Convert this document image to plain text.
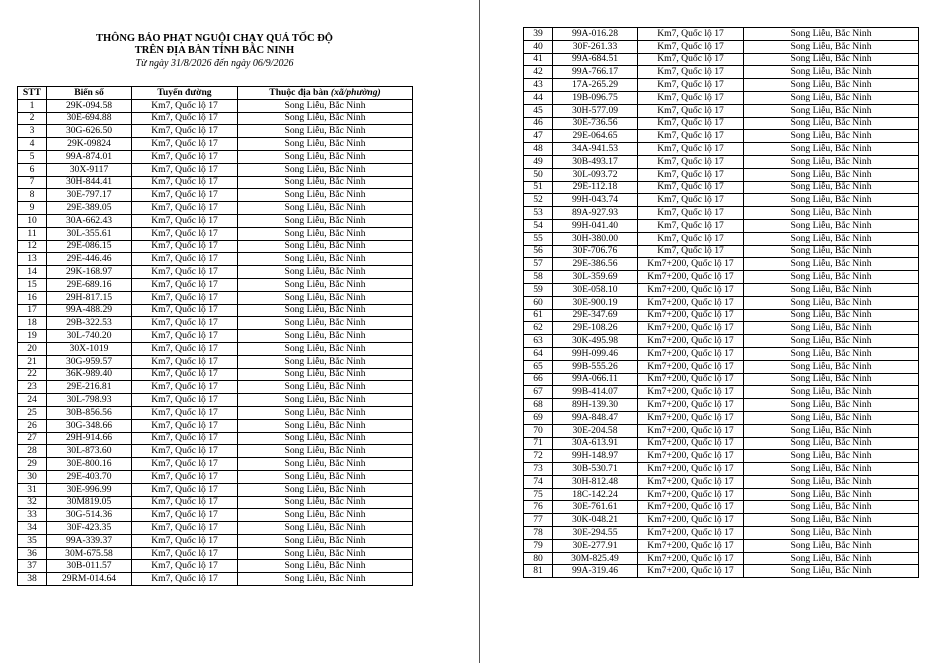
THÔNG BÁO PHẠT NGUỘI CHẠY QUÁ TỐC ĐỘ
TRÊN ĐỊA BÀN TỈNH BẮC NINH
Từ ngày 31/8/2026 đến ngày 06/9/2026
STT	Biển số	Tuyến đường	Thuộc địa bàn (xã/phường)
1	29K-094.58	Km7, Quốc lộ 17	Song Liễu, Bắc Ninh
2	30E-694.88	Km7, Quốc lộ 17	Song Liễu, Bắc Ninh
3	30G-626.50	Km7, Quốc lộ 17	Song Liễu, Bắc Ninh
4	29K-09824	Km7, Quốc lộ 17	Song Liễu, Bắc Ninh
5	99A-874.01	Km7, Quốc lộ 17	Song Liễu, Bắc Ninh
6	30X-9117	Km7, Quốc lộ 17	Song Liễu, Bắc Ninh
7	30H-844.41	Km7, Quốc lộ 17	Song Liễu, Bắc Ninh
8	30E-797.17	Km7, Quốc lộ 17	Song Liễu, Bắc Ninh
9	29E-389.05	Km7, Quốc lộ 17	Song Liễu, Bắc Ninh
10	30A-662.43	Km7, Quốc lộ 17	Song Liễu, Bắc Ninh
11	30L-355.61	Km7, Quốc lộ 17	Song Liễu, Bắc Ninh
12	29E-086.15	Km7, Quốc lộ 17	Song Liễu, Bắc Ninh
13	29E-446.46	Km7, Quốc lộ 17	Song Liễu, Bắc Ninh
14	29K-168.97	Km7, Quốc lộ 17	Song Liễu, Bắc Ninh
15	29E-689.16	Km7, Quốc lộ 17	Song Liễu, Bắc Ninh
16	29H-817.15	Km7, Quốc lộ 17	Song Liễu, Bắc Ninh
17	99A-488.29	Km7, Quốc lộ 17	Song Liễu, Bắc Ninh
18	29B-322.53	Km7, Quốc lộ 17	Song Liễu, Bắc Ninh
19	30L-740.20	Km7, Quốc lộ 17	Song Liễu, Bắc Ninh
20	30X-1019	Km7, Quốc lộ 17	Song Liễu, Bắc Ninh
21	30G-959.57	Km7, Quốc lộ 17	Song Liễu, Bắc Ninh
22	36K-989.40	Km7, Quốc lộ 17	Song Liễu, Bắc Ninh
23	29E-216.81	Km7, Quốc lộ 17	Song Liễu, Bắc Ninh
24	30L-798.93	Km7, Quốc lộ 17	Song Liễu, Bắc Ninh
25	30B-856.56	Km7, Quốc lộ 17	Song Liễu, Bắc Ninh
26	30G-348.66	Km7, Quốc lộ 17	Song Liễu, Bắc Ninh
27	29H-914.66	Km7, Quốc lộ 17	Song Liễu, Bắc Ninh
28	30L-873.60	Km7, Quốc lộ 17	Song Liễu, Bắc Ninh
29	30E-800.16	Km7, Quốc lộ 17	Song Liễu, Bắc Ninh
30	29E-403.70	Km7, Quốc lộ 17	Song Liễu, Bắc Ninh
31	30E-996.99	Km7, Quốc lộ 17	Song Liễu, Bắc Ninh
32	30M819.05	Km7, Quốc lộ 17	Song Liễu, Bắc Ninh
33	30G-514.36	Km7, Quốc lộ 17	Song Liễu, Bắc Ninh
34	30F-423.35	Km7, Quốc lộ 17	Song Liễu, Bắc Ninh
35	99A-339.37	Km7, Quốc lộ 17	Song Liễu, Bắc Ninh
36	30M-675.58	Km7, Quốc lộ 17	Song Liễu, Bắc Ninh
37	30B-011.57	Km7, Quốc lộ 17	Song Liễu, Bắc Ninh
38	29RM-014.64	Km7, Quốc lộ 17	Song Liễu, Bắc Ninh
39	99A-016.28	Km7, Quốc lộ 17	Song Liễu, Bắc Ninh
40	30F-261.33	Km7, Quốc lộ 17	Song Liễu, Bắc Ninh
41	99A-684.51	Km7, Quốc lộ 17	Song Liễu, Bắc Ninh
42	99A-766.17	Km7, Quốc lộ 17	Song Liễu, Bắc Ninh
43	17A-265.29	Km7, Quốc lộ 17	Song Liễu, Bắc Ninh
44	19B-096.75	Km7, Quốc lộ 17	Song Liễu, Bắc Ninh
45	30H-577.09	Km7, Quốc lộ 17	Song Liễu, Bắc Ninh
46	30E-736.56	Km7, Quốc lộ 17	Song Liễu, Bắc Ninh
47	29E-064.65	Km7, Quốc lộ 17	Song Liễu, Bắc Ninh
48	34A-941.53	Km7, Quốc lộ 17	Song Liễu, Bắc Ninh
49	30B-493.17	Km7, Quốc lộ 17	Song Liễu, Bắc Ninh
50	30L-093.72	Km7, Quốc lộ 17	Song Liễu, Bắc Ninh
51	29E-112.18	Km7, Quốc lộ 17	Song Liễu, Bắc Ninh
52	99H-043.74	Km7, Quốc lộ 17	Song Liễu, Bắc Ninh
53	89A-927.93	Km7, Quốc lộ 17	Song Liễu, Bắc Ninh
54	99H-041.40	Km7, Quốc lộ 17	Song Liễu, Bắc Ninh
55	30H-380.00	Km7, Quốc lộ 17	Song Liễu, Bắc Ninh
56	30F-706.76	Km7, Quốc lộ 17	Song Liễu, Bắc Ninh
57	29E-386.56	Km7+200, Quốc lộ 17	Song Liễu, Bắc Ninh
58	30L-359.69	Km7+200, Quốc lộ 17	Song Liễu, Bắc Ninh
59	30E-058.10	Km7+200, Quốc lộ 17	Song Liễu, Bắc Ninh
60	30E-900.19	Km7+200, Quốc lộ 17	Song Liễu, Bắc Ninh
61	29E-347.69	Km7+200, Quốc lộ 17	Song Liễu, Bắc Ninh
62	29E-108.26	Km7+200, Quốc lộ 17	Song Liễu, Bắc Ninh
63	30K-495.98	Km7+200, Quốc lộ 17	Song Liễu, Bắc Ninh
64	99H-099.46	Km7+200, Quốc lộ 17	Song Liễu, Bắc Ninh
65	99B-555.26	Km7+200, Quốc lộ 17	Song Liễu, Bắc Ninh
66	99A-066.11	Km7+200, Quốc lộ 17	Song Liễu, Bắc Ninh
67	99B-414.07	Km7+200, Quốc lộ 17	Song Liễu, Bắc Ninh
68	89H-139.30	Km7+200, Quốc lộ 17	Song Liễu, Bắc Ninh
69	99A-848.47	Km7+200, Quốc lộ 17	Song Liễu, Bắc Ninh
70	30E-204.58	Km7+200, Quốc lộ 17	Song Liễu, Bắc Ninh
71	30A-613.91	Km7+200, Quốc lộ 17	Song Liễu, Bắc Ninh
72	99H-148.97	Km7+200, Quốc lộ 17	Song Liễu, Bắc Ninh
73	30B-530.71	Km7+200, Quốc lộ 17	Song Liễu, Bắc Ninh
74	30H-812.48	Km7+200, Quốc lộ 17	Song Liễu, Bắc Ninh
75	18C-142.24	Km7+200, Quốc lộ 17	Song Liễu, Bắc Ninh
76	30E-761.61	Km7+200, Quốc lộ 17	Song Liễu, Bắc Ninh
77	30K-048.21	Km7+200, Quốc lộ 17	Song Liễu, Bắc Ninh
78	30E-294.55	Km7+200, Quốc lộ 17	Song Liễu, Bắc Ninh
79	30E-277.91	Km7+200, Quốc lộ 17	Song Liễu, Bắc Ninh
80	30M-825.49	Km7+200, Quốc lộ 17	Song Liễu, Bắc Ninh
81	99A-319.46	Km7+200, Quốc lộ 17	Song Liễu, Bắc Ninh
